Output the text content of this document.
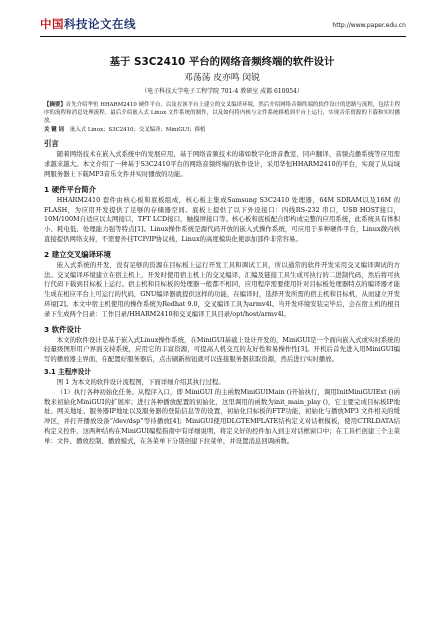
中国科技论文在线	http://www.paper.edu.cn
基于 S3C2410 平台的网络音频终端的软件设计
邓荡荡 皮亦鸣 闵锐
（电子科技大学电子工程学院 701-4 教研室 成都 610054）
【摘要】首先介绍华恒 HHARM2410 硬件平台，以及在该平台上建立的交叉编译环境，然后介绍网络音频终端的软件设计的思路与流程，包括主程序的流程和消息处理流程。最后介绍嵌入式 Linux 文件系统的制作，以及如何将内核与文件系统移植到平台上运行，实现音乐资源的下载和实时播放。
关 键 词 嵌入式 Linux；S3C2410；交叉编译；MiniGUI；移植
引言

随着网络技术在嵌入式系统中的发展应用，基于网络音频技术的诸如数字化语音教室、同声翻译、音频点播系统等应用需求越来越大。本文介绍了一种基于S3C2410平台的网络音频终端的软件设计，采用华恒HHARM2410的平台，实现了从局域网服务器上下载MP3音乐文件并实时播放的功能。

1 硬件平台简介

HHARM2410 套件由核心板和底板组成，核心板主集成Samsung S3C2410 处理器，64M SDRAM以及16M 的FLASH，为应用开发提供了足够的存储器空间。底板上提供了以下外设接口：四线RS-232 串口，USB HOST接口，10M/100M自适应以太网接口，TFT LCD接口，触摸屏接口等。核心板和底板配合即构成完整的应用系统，此系统具有体积小、耗电低、处理能力强等特点[1]。Linux操作系统是源代码开放的嵌入式操作系统，可应用于多种硬件平台，Linux微内核直接提供网络支持，不需要外挂TCP/IP协议栈，Linux的高度模块化使添加部件非常容易。

2 建立交叉编译环境

嵌入式系统的开发，没有足够的资源在目标板上运行开发工具和调试工具，所以通常的软件开发采用交叉编译调试的方法。交叉编译环境建立在宿主机上，开发时使用宿主机上的交叉编译、汇编及链接工具生成可执行的二进制代码，然后将可执行代码下载到目标板上运行。宿主机和目标板的处理器一般都不相同，应用程序需要使用针对目标板处理器特点的编译器才能生成在相应平台上可运行的代码，GNU编译器就提供这样的功能，在编译时，选择开发所需的宿主机和目标机，从而建立开发环境[2]。本文中宿主机使用的操作系统为Redhat 9.0，交叉编译工具为armv4l。当开发环境安装完毕后，会在宿主机的根目录下生成两个目录：工作目录/HHARM2410和交叉编译工具目录/opt/host/armv4l。

3 软件设计

本文的软件设计是基于嵌入式Linux操作系统，在MiniGUI基础上设计开发的，MiniGUI是一个面向嵌入式或实时系统的轻量级图形用户界面支持系统，应用它的丰富资源，可提高人机交互的友好性和易操作性[3]。开机后首先进入用MiniGUI编写的播放器主界面，在配置好服务器后，点击刷新按钮就可以连接服务器获取资源，然后进行实时播放。

3.1 主程序设计

图 1 为本文的软件设计流程图，下面详细介绍其执行过程。

（1）执行各种初始化任务。从程序入口，即 MiniGUI 的主函数MiniGUIMain ()开始执行，调用InitMiniGUIExt ()函数来初始化MiniGUI的扩展库；进行各种播放配置的初始化，这里调用的函数为init_main_play ()，它主要完成目标板IP地址、网关地址、服务器IP地址以及服务器的登陆信息等的设置，初始化目标板的FTP功能，初始化与播放MP3 文件相关的缓冲区，并打开播放设备“/dev/dsp”等待播放[4]；MiniGUI使用DLGTEMPLATE结构定义对话框模板，使用CTRLDATA结构定义控件，这两种结构在MiniGUI编程指南中有详细说明，将定义好的控件加入到主对话框窗口中；在工具栏创建三个主菜单：文件、播放控制、播放模式，在各菜单下分别创建下拉菜单，并设置消息回调函数。
